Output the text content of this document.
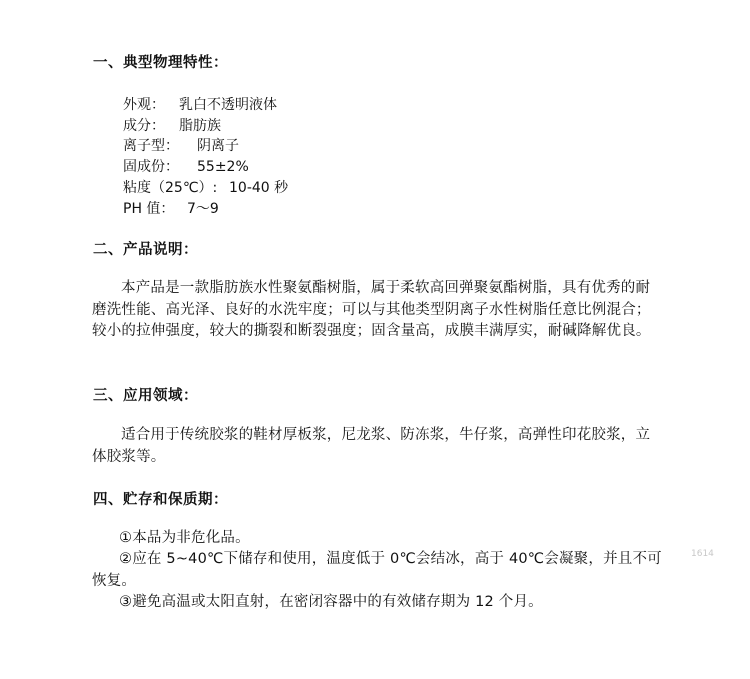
一、典型物理特性：
外观： 乳白不透明液体
成分： 脂肪族
离子型： 阴离子
固成份： 55±2%
粘度（25℃）: 10-40 秒
PH 值： 7～9
二、产品说明：
本产品是一款脂肪族水性聚氨酯树脂，属于柔软高回弹聚氨酯树脂，具有优秀的耐磨洗性能、高光泽、良好的水洗牢度；可以与其他类型阴离子水性树脂任意比例混合；较小的拉伸强度，较大的撕裂和断裂强度；固含量高，成膜丰满厚实，耐碱降解优良。
三、应用领域：
适合用于传统胶浆的鞋材厚板浆，尼龙浆、防冻浆，牛仔浆，高弹性印花胶浆，立体胶浆等。
四、贮存和保质期：
①本品为非危化品。
②应在 5~40℃下储存和使用，温度低于 0℃会结冰，高于 40℃会凝聚，并且不可恢复。
③避免高温或太阳直射，在密闭容器中的有效储存期为 12 个月。
1614
